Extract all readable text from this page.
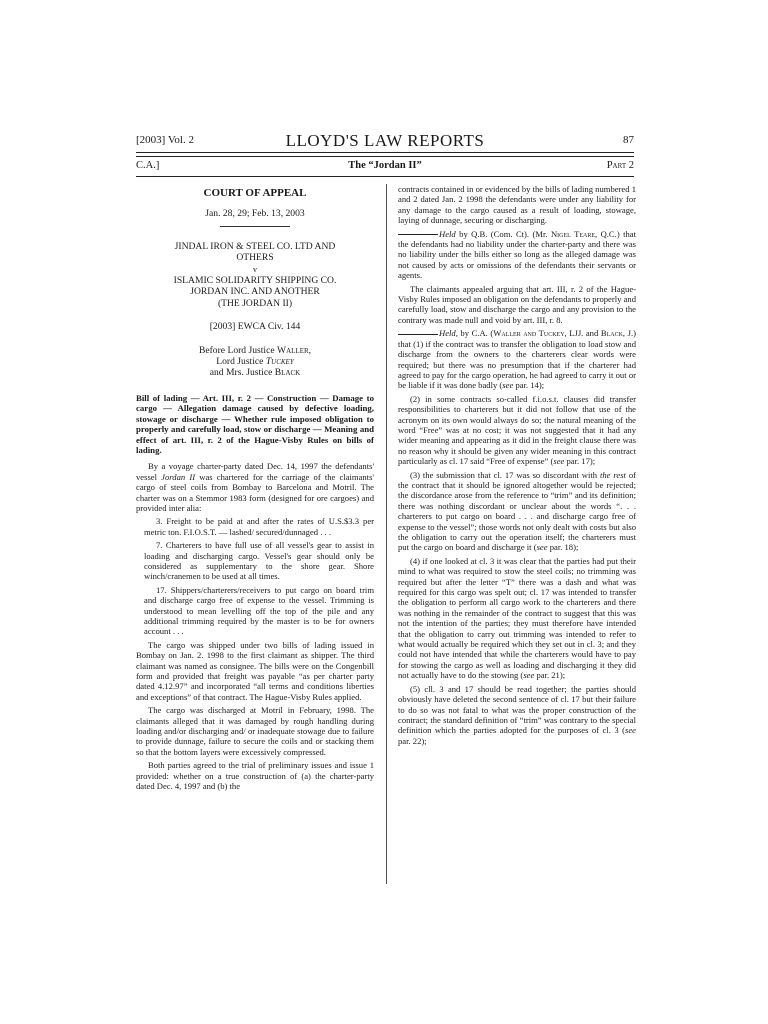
[2003] Vol. 2	LLOYD'S LAW REPORTS	87
C.A.]	The “Jordan II”	Part 2
COURT OF APPEAL
Jan. 28, 29; Feb. 13, 2003
JINDAL IRON & STEEL CO. LTD AND
OTHERS
v
ISLAMIC SOLIDARITY SHIPPING CO.
JORDAN INC. AND ANOTHER
(THE JORDAN II)
[2003] EWCA Civ. 144
Before Lord Justice Waller,
Lord Justice Tuckey
and Mrs. Justice Black
Bill of lading — Art. III, r. 2 — Construction — Damage to cargo — Allegation damage caused by defective loading, stowage or discharge — Whether rule imposed obligation to properly and carefully load, stow or discharge — Meaning and effect of art. III, r. 2 of the Hague-Visby Rules on bills of lading.

By a voyage charter-party dated Dec. 14, 1997 the defendants' vessel Jordan II was chartered for the carriage of the claimants' cargo of steel coils from Bombay to Barcelona and Motril. The charter was on a Stemmor 1983 form (designed for ore cargoes) and provided inter alia:

3. Freight to be paid at and after the rates of U.S.$3.3 per metric ton. F.I.O.S.T. — lashed/ secured/dunnaged . . .

7. Charterers to have full use of all vessel's gear to assist in loading and discharging cargo. Vessel's gear should only be considered as supplementary to the shore gear. Shore winch/cranemen to be used at all times.

17. Shippers/charterers/receivers to put cargo on board trim and discharge cargo free of expense to the vessel. Trimming is understood to mean levelling off the top of the pile and any additional trimming required by the master is to be for owners account . . .

The cargo was shipped under two bills of lading issued in Bombay on Jan. 2. 1998 to the first claimant as shipper. The third claimant was named as consignee. The bills were on the Congenbill form and provided that freight was payable “as per charter party dated 4.12.97” and incorporated “all terms and conditions liberties and exceptions” of that contract. The Hague-Visby Rules applied.

The cargo was discharged at Motril in February, 1998. The claimants alleged that it was damaged by rough handling during loading and/or discharging and/ or inadequate stowage due to failure to provide dunnage, failure to secure the coils and or stacking them so that the bottom layers were excessively compressed.

Both parties agreed to the trial of preliminary issues and issue 1 provided: whether on a true construction of (a) the charter-party dated Dec. 4, 1997 and (b) the

contracts contained in or evidenced by the bills of lading numbered 1 and 2 dated Jan. 2 1998 the defendants were under any liability for any damage to the cargo caused as a result of loading, stowage, laying of dunnage, securing or discharging.

Held by Q.B. (Com. Ct). (Mr. Nigel Teare, Q.C.) that the defendants had no liability under the charter-party and there was no liability under the bills either so long as the alleged damage was not caused by acts or omissions of the defendants their servants or agents.

The claimants appealed arguing that art. III, r. 2 of the Hague-Visby Rules imposed an obligation on the defendants to properly and carefully load, stow and discharge the cargo and any provision to the contrary was made null and void by art. III, r. 8.

Held, by C.A. (Waller and Tuckey, LJJ. and Black, J.) that (1) if the contract was to transfer the obligation to load stow and discharge from the owners to the charterers clear words were required; but there was no presumption that if the charterer had agreed to pay for the cargo operation, he had agreed to carry it out or be liable if it was done badly (see par. 14);

(2) in some contracts so-called f.i.o.s.t. clauses did transfer responsibilities to charterers but it did not follow that use of the acronym on its own would always do so; the natural meaning of the word “Free” was at no cost; it was not suggested that it had any wider meaning and appearing as it did in the freight clause there was no reason why it should be given any wider meaning in this contract particularly as cl. 17 said “Free of expense” (see par. 17);

(3) the submission that cl. 17 was so discordant with the rest of the contract that it should be ignored altogether would be rejected; the discordance arose from the reference to “trim” and its definition; there was nothing discordant or unclear about the words “. . . charterers to put cargo on board . . . and discharge cargo free of expense to the vessel”; those words not only dealt with costs but also the obligation to carry out the operation itself; the charterers must put the cargo on board and discharge it (see par. 18);

(4) if one looked at cl. 3 it was clear that the parties had put their mind to what was required to stow the steel coils; no trimming was required but after the letter “T” there was a dash and what was required for this cargo was spelt out; cl. 17 was intended to transfer the obligation to perform all cargo work to the charterers and there was nothing in the remainder of the contract to suggest that this was not the intention of the parties; they must therefore have intended that the obligation to carry out trimming was intended to refer to what would actually be required which they set out in cl. 3; and they could not have intended that while the charterers would have to pay for stowing the cargo as well as loading and discharging it they did not actually have to do the stowing (see par. 21);

(5) cll. 3 and 17 should be read together; the parties should obviously have deleted the second sentence of cl. 17 but their failure to do so was not fatal to what was the proper construction of the contract; the standard definition of “trim” was contrary to the special definition which the parties adopted for the purposes of cl. 3 (see par. 22);
